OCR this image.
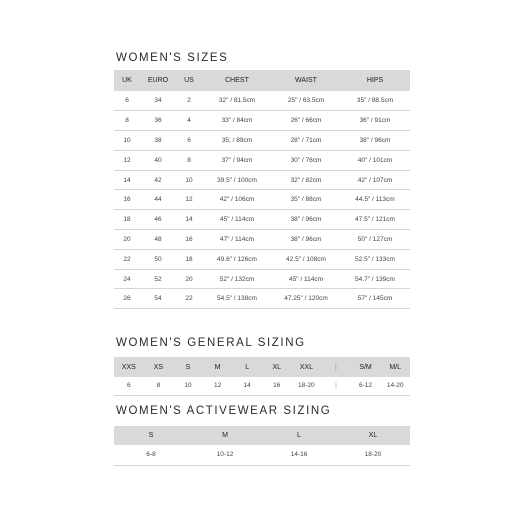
WOMEN'S SIZES
UK	EURO	US	CHEST	WAIST	HIPS
6	34	2	32" / 81.5cm	25" / 63.5cm	35" / 88.5cm
8	36	4	33" / 84cm	26" / 66cm	36" / 91cm
10	38	6	35; / 89cm	28" / 71cm	38" / 96cm
12	40	8	37" / 94cm	30" / 76cm	40" / 101cm
14	42	10	39.5" / 100cm	32" / 82cm	42" / 107cm
16	44	12	42" / 106cm	35" / 88cm	44.5" / 113cm
18	46	14	45" / 114cm	38" / 96cm	47.5" / 121cm
20	48	16	47" / 114cm	38" / 96cm	50" / 127cm
22	50	18	49.6" / 126cm	42.5" / 108cm	52.5" / 133cm
24	52	20	52" / 132cm	45" / 114cm	54.7" / 139cm
26	54	22	54.5" / 138cm	47.25" / 120cm	57" / 145cm
WOMEN'S GENERAL SIZING
XXS	XS	S	M	L	XL	XXL	|	S/M	M/L
6	8	10	12	14	16	18-20	|	6-12	14-20
WOMEN'S ACTIVEWEAR SIZING
S	M	L	XL
6-8	10-12	14-16	18-20
